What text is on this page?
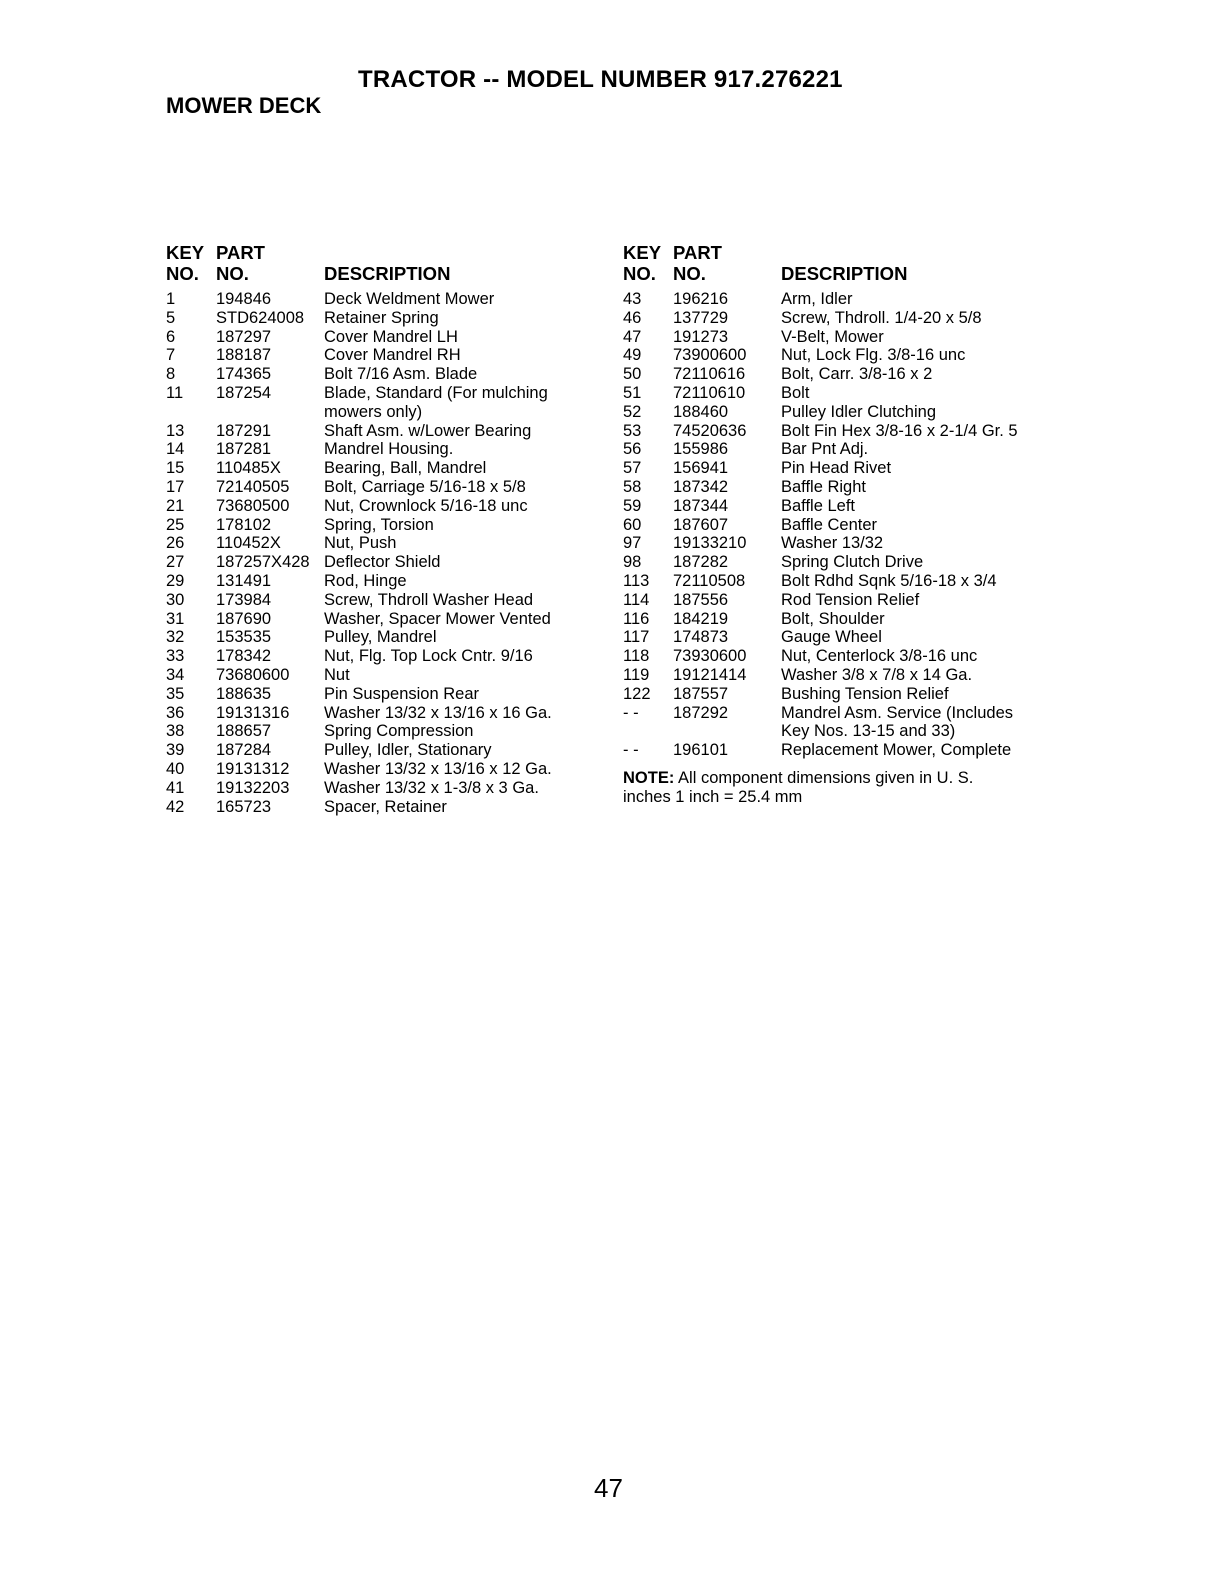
TRACTOR -- MODEL NUMBER 917.276221
MOWER DECK
KEY
NO.
PART
NO.	DESCRIPTION
1	194846	Deck Weldment Mower
5	STD624008 Retainer Spring
6	187297	Cover Mandrel LH
7	188187	Cover Mandrel RH
8	174365	Bolt 7/16 Asm. Blade
11	187254	Blade, Standard (For mulching
mowers only)
13	187291	Shaft Asm. w/Lower Bearing
14	187281	Mandrel Housing.
15	110485X	Bearing, Ball, Mandrel
17	72140505 Bolt, Carriage 5/16-18 x 5/8
21	73680500 Nut, Crownlock 5/16-18 unc
25	178102	Spring, Torsion
26	110452X	Nut, Push
27	187257X428 Deflector Shield
29	131491	Rod, Hinge
30	173984	Screw, Thdroll Washer Head
31	187690	Washer, Spacer Mower Vented
32	153535	Pulley, Mandrel
33	178342	Nut, Flg. Top Lock Cntr. 9/16
34	73680600 Nut
35	188635	Pin Suspension Rear
36	19131316 Washer 13/32 x 13/16 x 16 Ga.
38	188657	Spring Compression
39	187284	Pulley, Idler, Stationary
40	19131312 Washer 13/32 x 13/16 x 12 Ga.
41	19132203 Washer 13/32 x 1-3/8 x 3 Ga.
42	165723	Spacer, Retainer
KEY
NO.
PART
NO.	DESCRIPTION
43	196216	Arm, Idler
46	137729	Screw, Thdroll. 1/4-20 x 5/8
47	191273	V-Belt, Mower
49	73900600 Nut, Lock Flg. 3/8-16 unc
50	72110616 Bolt, Carr. 3/8-16 x 2
51	72110610 Bolt
52	188460	Pulley Idler Clutching
53	74520636 Bolt Fin Hex 3/8-16 x 2-1/4 Gr. 5
56	155986	Bar Pnt Adj.
57	156941	Pin Head Rivet
58	187342	Baffle Right
59	187344	Baffle Left
60	187607	Baffle Center
97	19133210 Washer 13/32
98	187282	Spring Clutch Drive
113	72110508 Bolt Rdhd Sqnk 5/16-18 x 3/4
114	187556	Rod Tension Relief
116	184219	Bolt, Shoulder
117	174873	Gauge Wheel
118	73930600 Nut, Centerlock 3/8-16 unc
119	19121414 Washer 3/8 x 7/8 x 14 Ga.
122	187557	Bushing Tension Relief
- -	187292	Mandrel Asm. Service (Includes
Key Nos. 13-15 and 33)
- -	196101	Replacement Mower, Complete
NOTE: All component dimensions given in U. S. inches 1 inch = 25.4 mm
47
